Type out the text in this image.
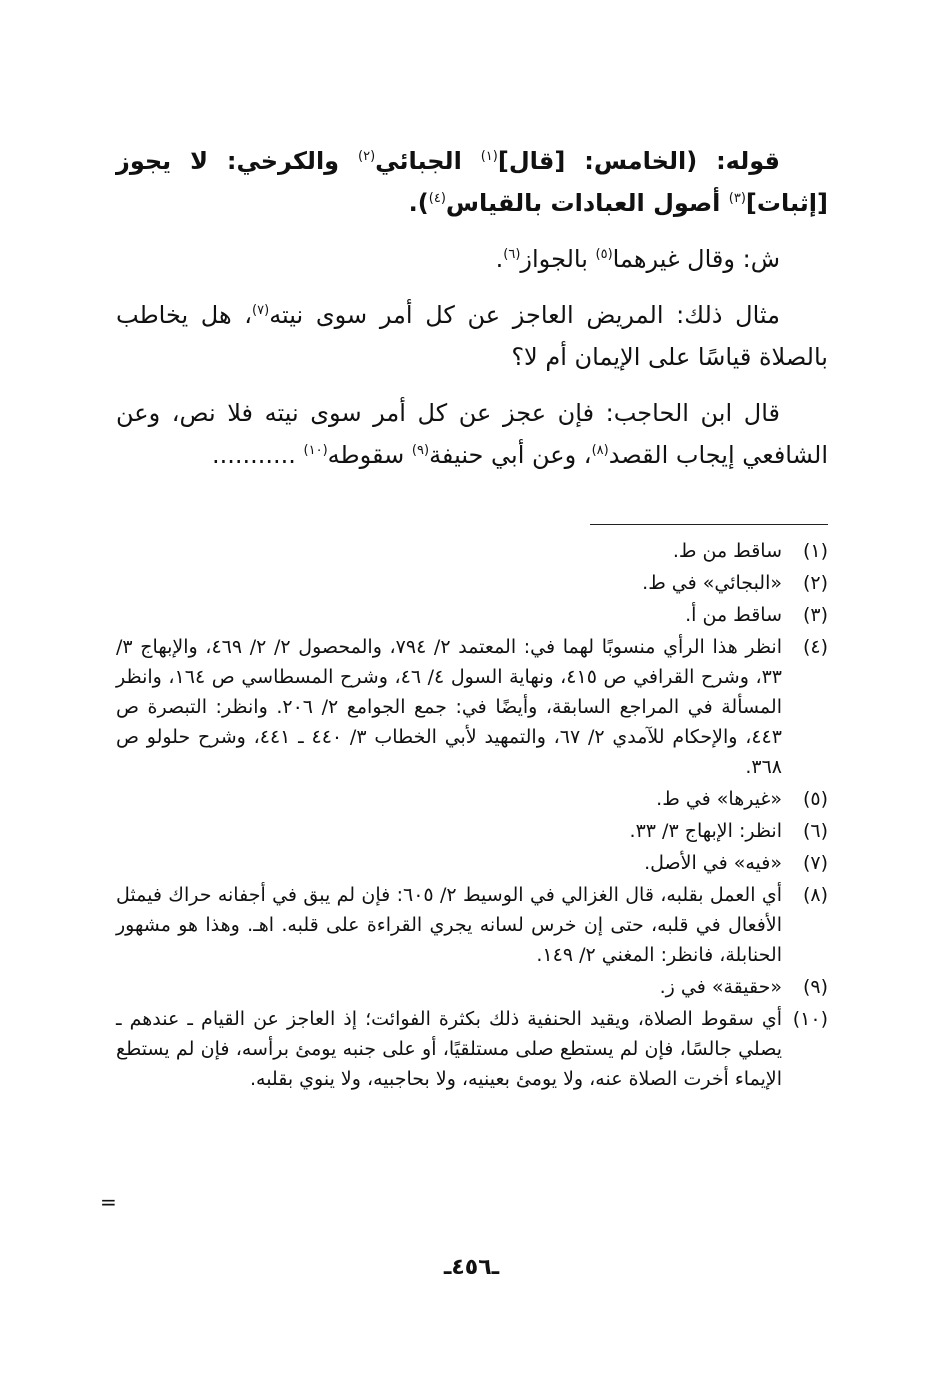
قوله: (الخامس: [قال]$^{(١)}$ الجبائي$^{(٢)}$ والكرخي: لا يجوز [إثبات]$^{(٣)}$ أصول العبادات بالقياس$^{(٤)}$).

ش: وقال غيرهما$^{(٥)}$ بالجواز$^{(٦)}$.

مثال ذلك: المريض العاجز عن كل أمر سوى نيته$^{(٧)}$، هل يخاطب بالصلاة قياسًا على الإيمان أم لا؟

قال ابن الحاجب: فإن عجز عن كل أمر سوى نيته فلا نص، وعن الشافعي إيجاب القصد$^{(٨)}$، وعن أبي حنيفة$^{(٩)}$ سقوطه$^{(١٠)}$ ...........

(١)
ساقط من ط.
(٢)
«البجائي» في ط.
(٣)
ساقط من أ.
(٤)
انظر هذا الرأي منسوبًا لهما في: المعتمد ٢/ ٧٩٤، والمحصول ٢/ ٢/ ٤٦٩، والإبهاج ٣/ ٣٣، وشرح القرافي ص ٤١٥، ونهاية السول ٤/ ٤٦، وشرح المسطاسي ص ١٦٤، وانظر المسألة في المراجع السابقة، وأيضًا في: جمع الجوامع ٢/ ٢٠٦. وانظر: التبصرة ص ٤٤٣، والإحكام للآمدي ٢/ ٦٧، والتمهيد لأبي الخطاب ٣/ ٤٤٠ ـ ٤٤١، وشرح حلولو ص ٣٦٨.
(٥)
«غيرها» في ط.
(٦)
انظر: الإبهاج ٣/ ٣٣.
(٧)
«فيه» في الأصل.
(٨)
أي العمل بقلبه، قال الغزالي في الوسيط ٢/ ٦٠٥: فإن لم يبق في أجفانه حراك فيمثل الأفعال في قلبه، حتى إن خرس لسانه يجري القراءة على قلبه. اهـ. وهذا هو مشهور الحنابلة، فانظر: المغني ٢/ ١٤٩.
(٩)
«حقيقة» في ز.
(١٠)
أي سقوط الصلاة، ويقيد الحنفية ذلك بكثرة الفوائت؛ إذ العاجز عن القيام ـ عندهم ـ يصلي جالسًا، فإن لم يستطع صلى مستلقيًا، أو على جنبه يومئ برأسه، فإن لم يستطع الإيماء أخرت الصلاة عنه، ولا يومئ بعينيه، ولا بحاجبيه، ولا ينوي بقلبه.
=
ـ٤٥٦ـ
